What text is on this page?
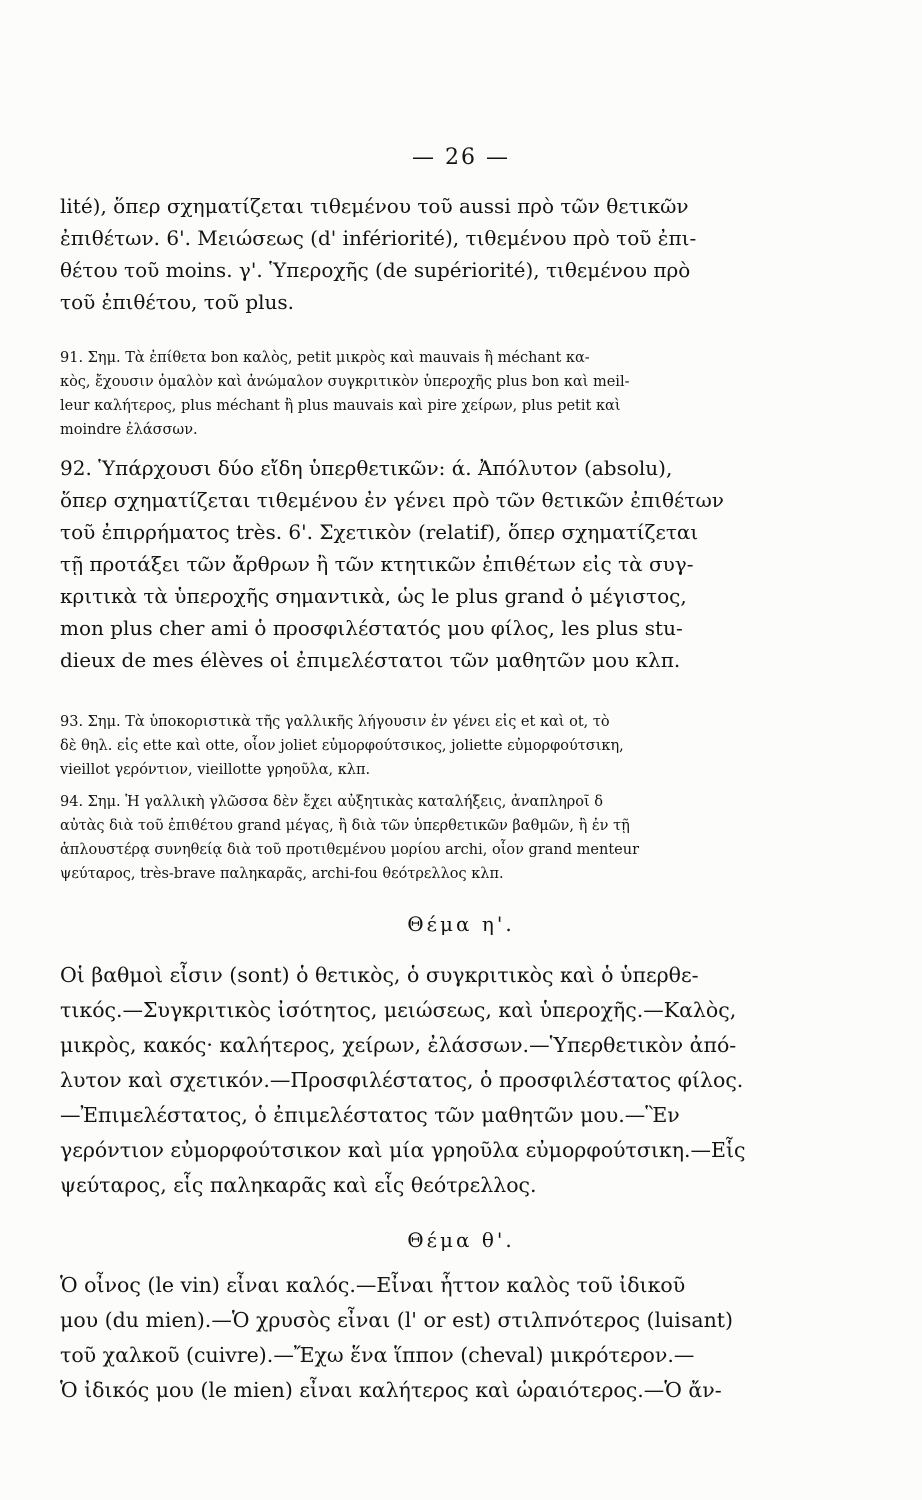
— 26 —
lité), ὅπερ σχηματίζεται τιθεμένου τοῦ aussi πρὸ τῶν θετικῶν
ἐπιθέτων. 6'. Μειώσεως (d' infériorité), τιθεμένου πρὸ τοῦ ἐπι-
θέτου τοῦ moins. γ'. Ὑπεροχῆς (de supériorité), τιθεμένου πρὸ
τοῦ ἐπιθέτου, τοῦ plus.
91. Σημ. Τὰ ἐπίθετα bon καλὸς, petit μικρὸς καὶ mauvais ἢ méchant κα-
κὸς, ἔχουσιν ὁμαλὸν καὶ ἀνώμαλον συγκριτικὸν ὑπεροχῆς plus bon καὶ meil-
leur καλήτερος, plus méchant ἢ plus mauvais καὶ pire χείρων, plus petit καὶ
moindre ἐλάσσων.
92. Ὑπάρχουσι δύο εἴδη ὑπερθετικῶν: ά. Ἀπόλυτον (absolu),
ὅπερ σχηματίζεται τιθεμένου ἐν γένει πρὸ τῶν θετικῶν ἐπιθέτων
τοῦ ἐπιρρήματος très. 6'. Σχετικὸν (relatif), ὅπερ σχηματίζεται
τῇ προτάξει τῶν ἄρθρων ἢ τῶν κτητικῶν ἐπιθέτων εἰς τὰ συγ-
κριτικὰ τὰ ὑπεροχῆς σημαντικὰ, ὡς le plus grand ὁ μέγιστος,
mon plus cher ami ὁ προσφιλέστατός μου φίλος, les plus stu-
dieux de mes élèves οἱ ἐπιμελέστατοι τῶν μαθητῶν μου κλπ.
93. Σημ. Τὰ ὑποκοριστικὰ τῆς γαλλικῆς λήγουσιν ἐν γένει εἰς et καὶ ot, τὸ
δὲ θηλ. εἰς ette καὶ otte, οἷον joliet εὐμορφούτσικος, joliette εὐμορφούτσικη,
vieillot γερόντιον, vieillotte γρηοῦλα, κλπ.
94. Σημ. Ἡ γαλλικὴ γλῶσσα δὲν ἔχει αὐξητικὰς καταλήξεις, ἀναπληροῖ δ
αὐτὰς διὰ τοῦ ἐπιθέτου grand μέγας, ἢ διὰ τῶν ὑπερθετικῶν βαθμῶν, ἢ ἐν τῇ
ἁπλουστέρᾳ συνηθείᾳ διὰ τοῦ προτιθεμένου μορίου archi, οἷον grand menteur
ψεύταρος, très-brave παληκαρᾶς, archi-fou θεότρελλος κλπ.
Θέμα η'.
Οἱ βαθμοὶ εἶσιν (sont) ὁ θετικὸς, ὁ συγκριτικὸς καὶ ὁ ὑπερθε-
τικός.—Συγκριτικὸς ἰσότητος, μειώσεως, καὶ ὑπεροχῆς.—Καλὸς,
μικρὸς, κακός· καλήτερος, χείρων, ἐλάσσων.—Ὑπερθετικὸν ἀπό-
λυτον καὶ σχετικόν.—Προσφιλέστατος, ὁ προσφιλέστατος φίλος.
—Ἐπιμελέστατος, ὁ ἐπιμελέστατος τῶν μαθητῶν μου.—Ἓν
γερόντιον εὐμορφούτσικον καὶ μία γρηοῦλα εὐμορφούτσικη.—Εἷς
ψεύταρος, εἷς παληκαρᾶς καὶ εἷς θεότρελλος.
Θέμα θ'.
Ὁ οἶνος (le vin) εἶναι καλός.—Εἶναι ἧττον καλὸς τοῦ ἰδικοῦ
μου (du mien).—Ὁ χρυσὸς εἶναι (l' or est) στιλπνότερος (luisant)
τοῦ χαλκοῦ (cuivre).—Ἔχω ἕνα ἵππον (cheval) μικρότερον.—
Ὁ ἰδικός μου (le mien) εἶναι καλήτερος καὶ ὡραιότερος.—Ὁ ἄν-
